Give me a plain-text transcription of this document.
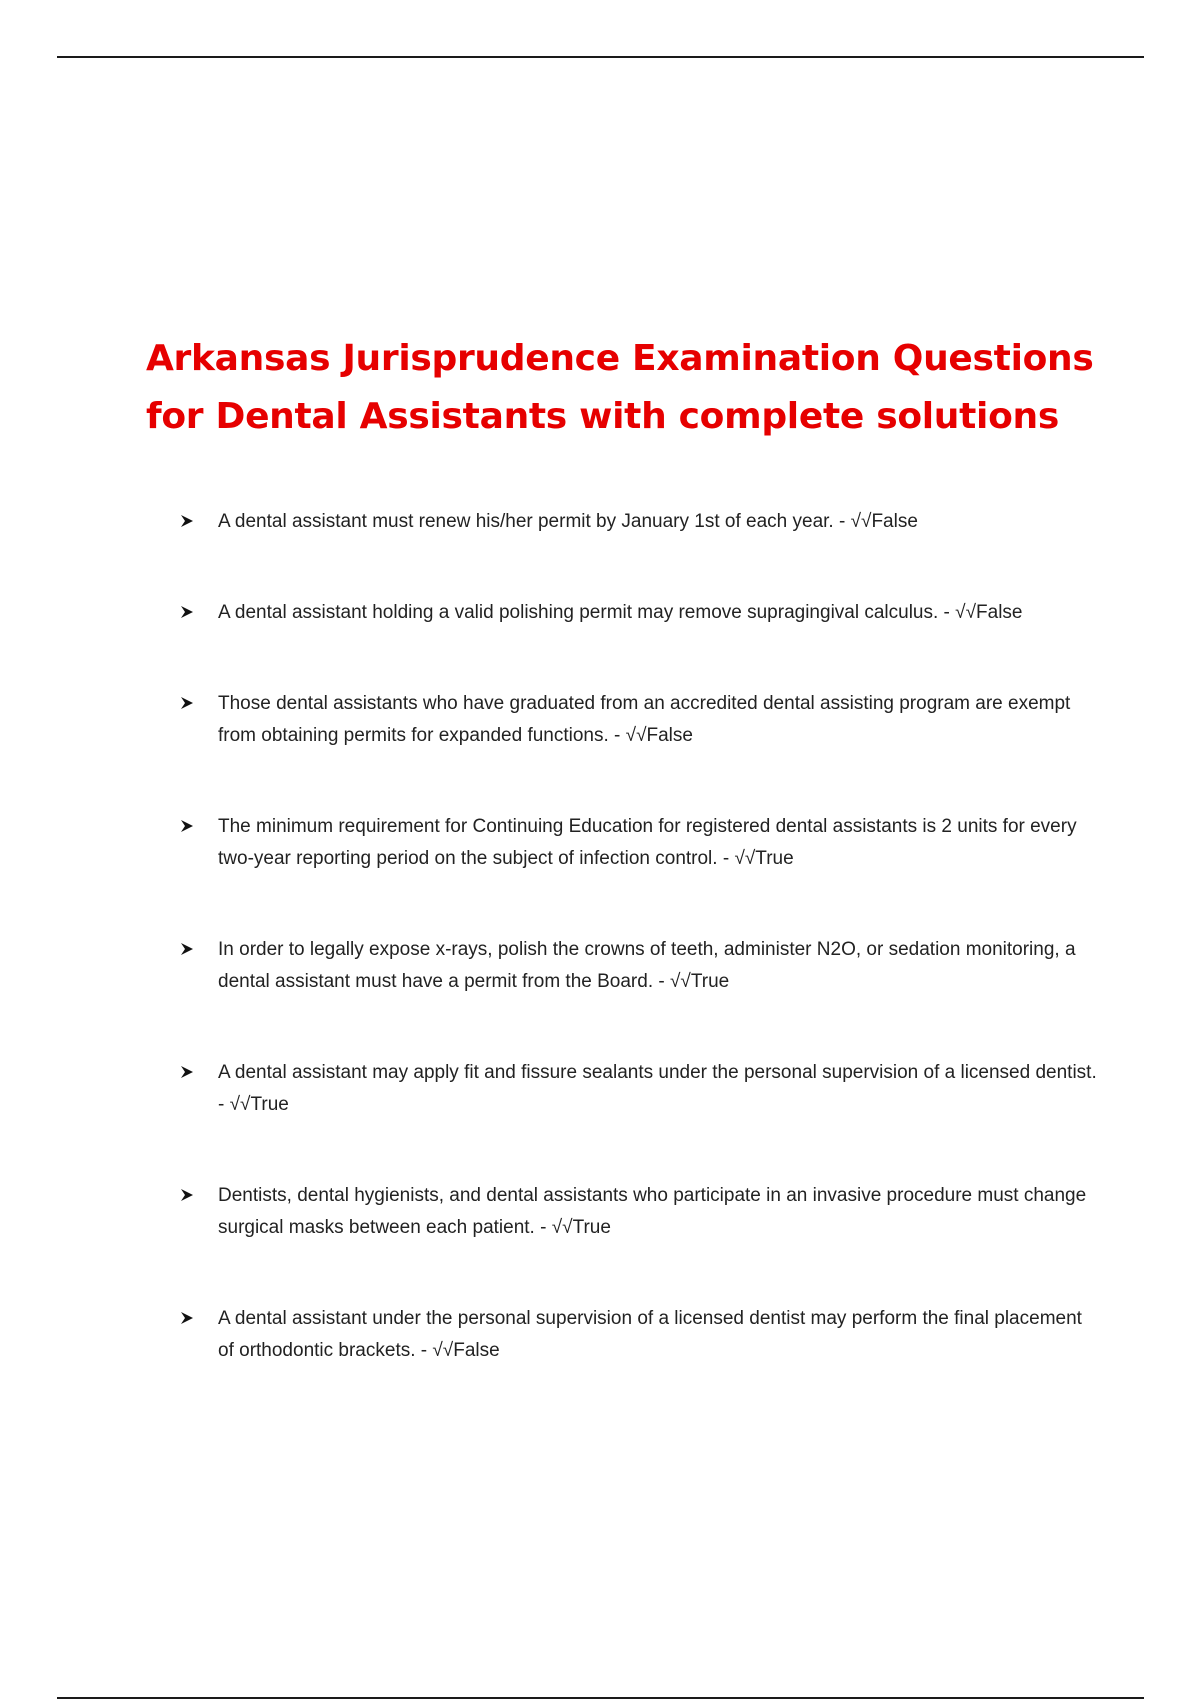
Arkansas Jurisprudence Examination Questions for Dental Assistants with complete solutions
A dental assistant must renew his/her permit by January 1st of each year. - √√False
A dental assistant holding a valid polishing permit may remove supragingival calculus. - √√False
Those dental assistants who have graduated from an accredited dental assisting program are exempt from obtaining permits for expanded functions. - √√False
The minimum requirement for Continuing Education for registered dental assistants is 2 units for every two-year reporting period on the subject of infection control. - √√True
In order to legally expose x-rays, polish the crowns of teeth, administer N2O, or sedation monitoring, a dental assistant must have a permit from the Board. - √√True
A dental assistant may apply fit and fissure sealants under the personal supervision of a licensed dentist. - √√True
Dentists, dental hygienists, and dental assistants who participate in an invasive procedure must change surgical masks between each patient. - √√True
A dental assistant under the personal supervision of a licensed dentist may perform the final placement of orthodontic brackets. - √√False
